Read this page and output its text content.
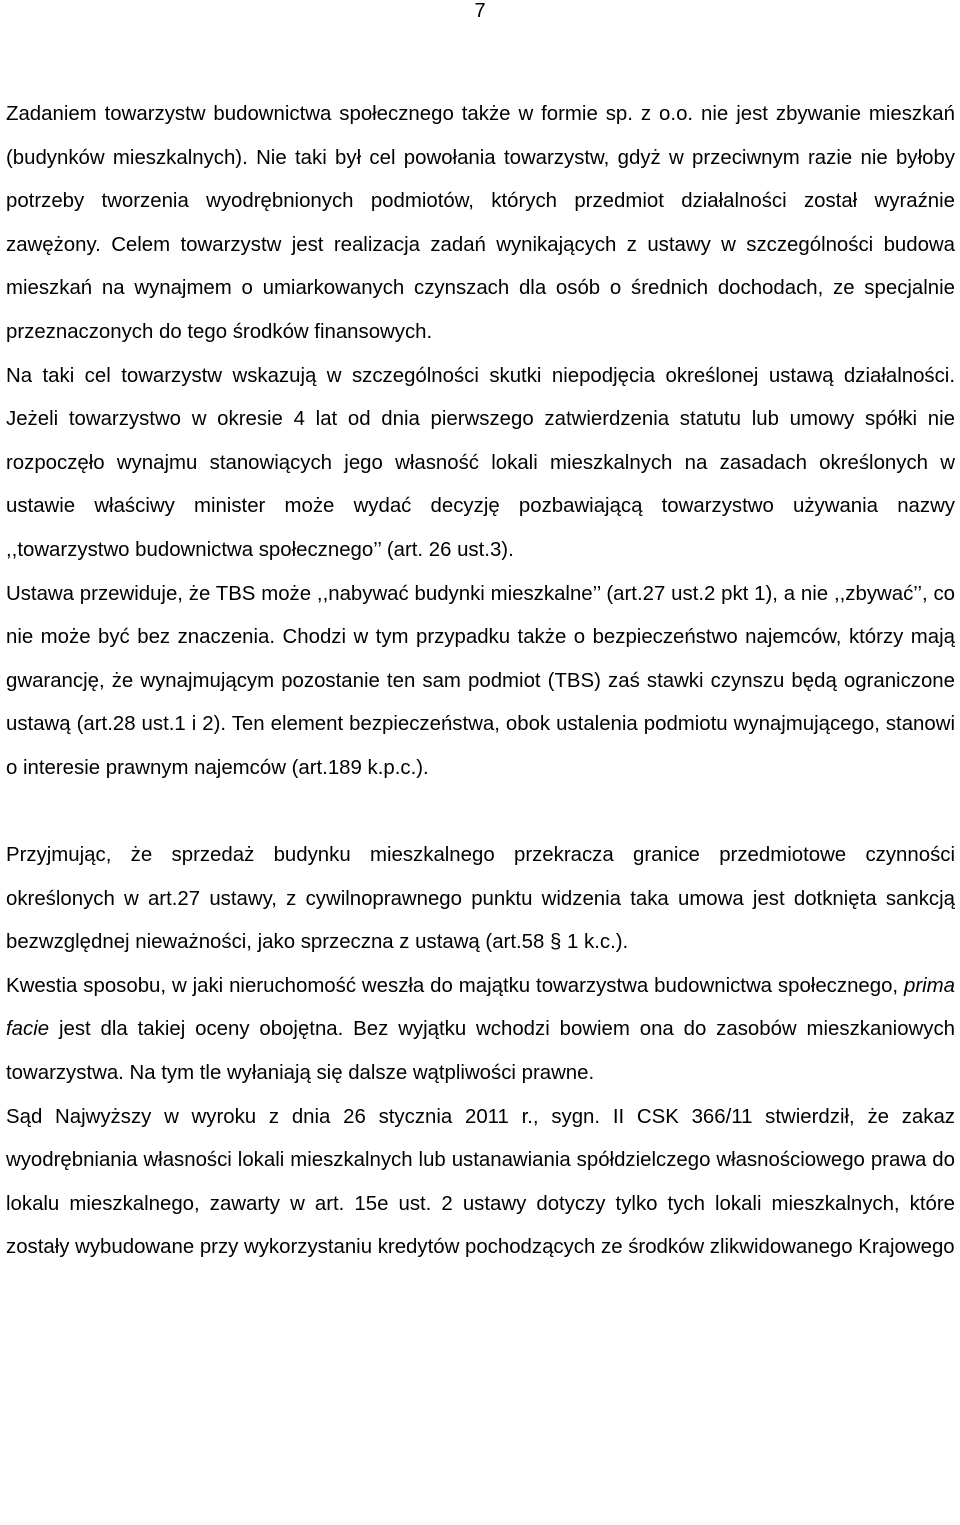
7

Zadaniem towarzystw budownictwa społecznego także w formie sp. z o.o. nie jest zbywanie mieszkań (budynków mieszkalnych). Nie taki był cel powołania towarzystw, gdyż w przeciwnym razie nie byłoby potrzeby tworzenia wyodrębnionych podmiotów, których przedmiot działalności został wyraźnie zawężony. Celem towarzystw jest realizacja zadań wynikających z ustawy w szczególności budowa mieszkań na wynajmem o umiarkowanych czynszach dla osób o średnich dochodach, ze specjalnie przeznaczonych do tego środków finansowych.

Na taki cel towarzystw wskazują w szczególności skutki niepodjęcia określonej ustawą działalności. Jeżeli towarzystwo w okresie 4 lat od dnia pierwszego zatwierdzenia statutu lub umowy spółki nie rozpoczęło wynajmu stanowiących jego własność lokali mieszkalnych na zasadach określonych w ustawie właściwy minister może wydać decyzję pozbawiającą towarzystwo używania nazwy ,,towarzystwo budownictwa społecznego’’ (art. 26 ust.3).

Ustawa przewiduje, że TBS może ,,nabywać budynki mieszkalne’’ (art.27 ust.2 pkt 1), a nie ,,zbywać’’, co nie może być bez znaczenia. Chodzi w tym przypadku także o bezpieczeństwo najemców, którzy mają gwarancję, że wynajmującym pozostanie ten sam podmiot (TBS) zaś stawki czynszu będą ograniczone ustawą (art.28 ust.1 i 2). Ten element bezpieczeństwa, obok ustalenia podmiotu wynajmującego, stanowi o interesie prawnym najemców (art.189 k.p.c.).

Przyjmując, że sprzedaż budynku mieszkalnego przekracza granice przedmiotowe czynności określonych w art.27 ustawy, z cywilnoprawnego punktu widzenia taka umowa jest dotknięta sankcją bezwzględnej nieważności, jako sprzeczna z ustawą (art.58 § 1 k.c.).

Kwestia sposobu, w jaki nieruchomość weszła do majątku towarzystwa budownictwa społecznego, prima facie jest dla takiej oceny obojętna. Bez wyjątku wchodzi bowiem ona do zasobów mieszkaniowych towarzystwa. Na tym tle wyłaniają się dalsze wątpliwości prawne.

Sąd Najwyższy w wyroku z dnia 26 stycznia 2011 r., sygn. II CSK 366/11 stwierdził, że zakaz wyodrębniania własności lokali mieszkalnych lub ustanawiania spółdzielczego własnościowego prawa do lokalu mieszkalnego, zawarty w art. 15e ust. 2 ustawy dotyczy tylko tych lokali mieszkalnych, które zostały wybudowane przy wykorzystaniu kredytów pochodzących ze środków zlikwidowanego Krajowego
